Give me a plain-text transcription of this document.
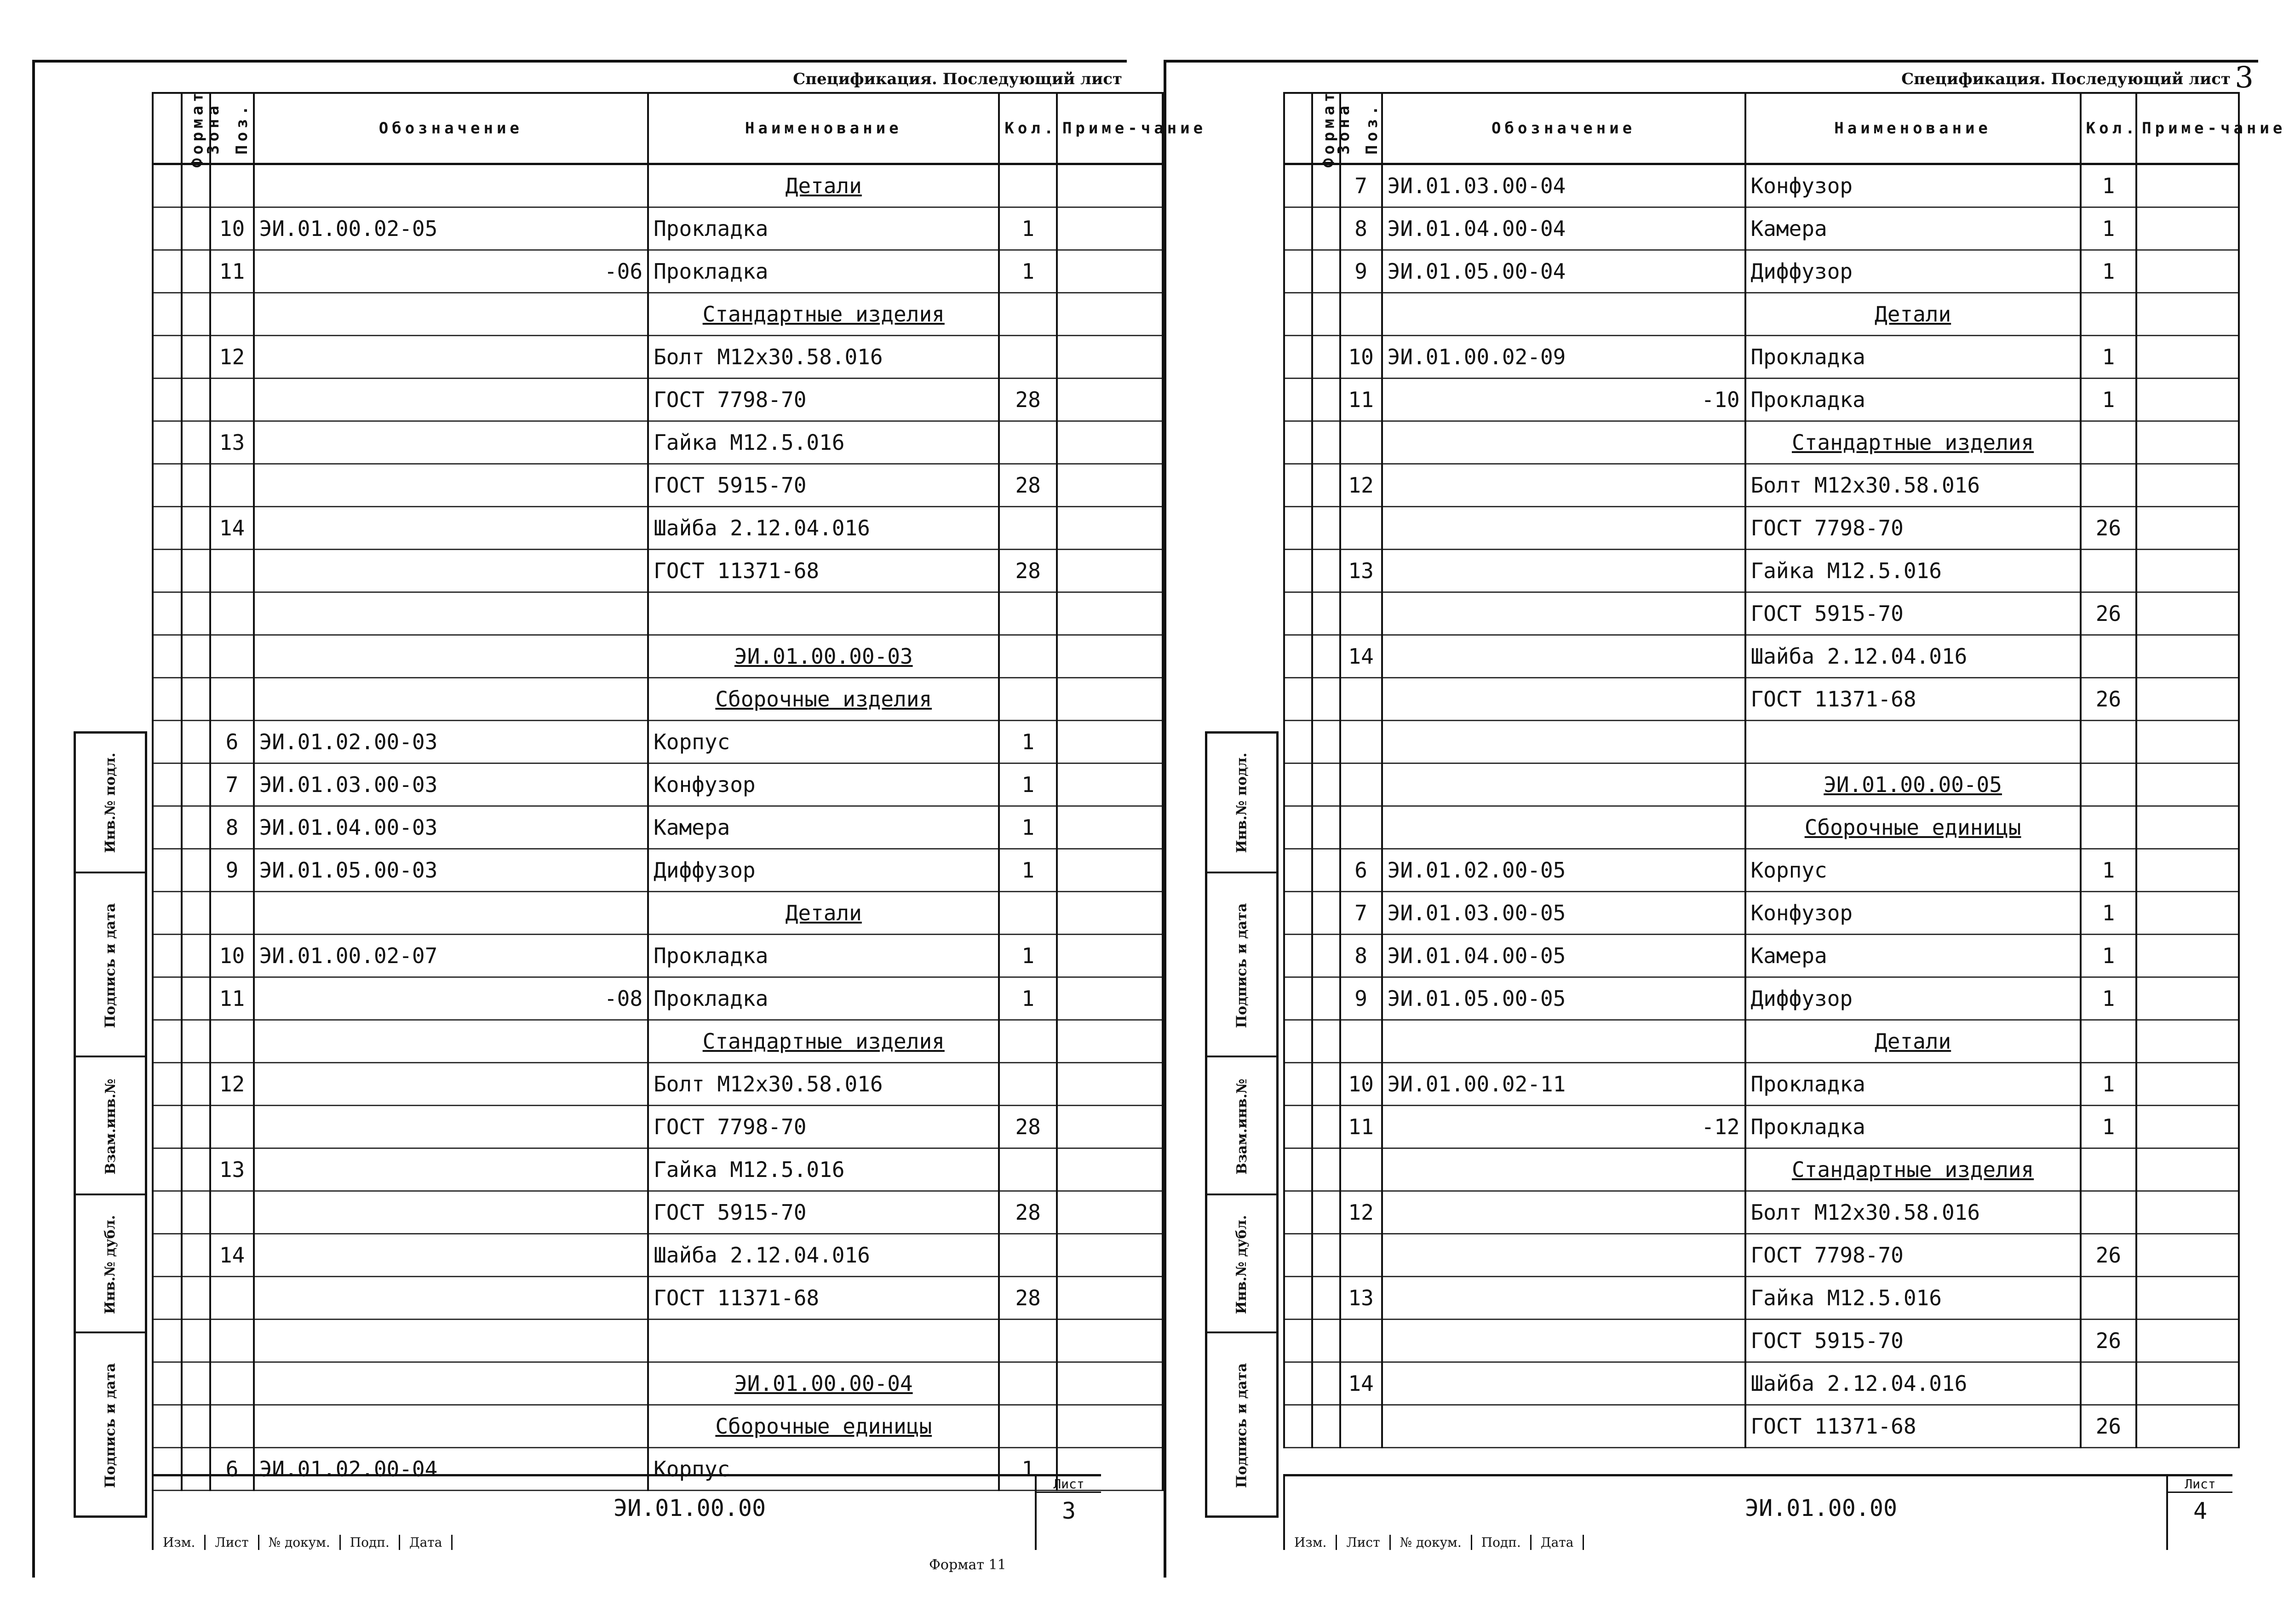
Спецификация. Последующий лист
Формат	Зона	Поз.	Обозначение	Наименование	Кол.	Приме-чание
				Детали		
		10	ЭИ.01.00.02-05	Прокладка	1	
		11	-06	Прокладка	1	
				Стандартные изделия		
		12		Болт М12х30.58.016		
				ГОСТ 7798-70	28	
		13		Гайка М12.5.016		
				ГОСТ 5915-70	28	
		14		Шайба 2.12.04.016		
				ГОСТ 11371-68	28	

				ЭИ.01.00.00-03		
				Сборочные изделия		
		6	ЭИ.01.02.00-03	Корпус	1	
		7	ЭИ.01.03.00-03	Конфузор	1	
		8	ЭИ.01.04.00-03	Камера	1	
		9	ЭИ.01.05.00-03	Диффузор	1	
				Детали		
		10	ЭИ.01.00.02-07	Прокладка	1	
		11	-08	Прокладка	1	
				Стандартные изделия		
		12		Болт М12х30.58.016		
				ГОСТ 7798-70	28	
		13		Гайка М12.5.016		
				ГОСТ 5915-70	28	
		14		Шайба 2.12.04.016		
				ГОСТ 11371-68	28	

				ЭИ.01.00.00-04		
				Сборочные единицы		
		6	ЭИ.01.02.00-04	Корпус	1	
Инв.№ подл.
Подпись и дата
Взам.инв.№
Инв.№ дубл.
Подпись и дата
Изм.	Лист	№ докум.	Подп.	Дата
ЭИ.01.00.00
Лист
3
Формат 11
Спецификация. Последующий лист 3
Формат	Зона	Поз.	Обозначение	Наименование	Кол.	Приме-чание
		7	ЭИ.01.03.00-04	Конфузор	1	
		8	ЭИ.01.04.00-04	Камера	1	
		9	ЭИ.01.05.00-04	Диффузор	1	
				Детали		
		10	ЭИ.01.00.02-09	Прокладка	1	
		11	-10	Прокладка	1	
				Стандартные изделия		
		12		Болт М12х30.58.016		
				ГОСТ 7798-70	26	
		13		Гайка М12.5.016		
				ГОСТ 5915-70	26	
		14		Шайба 2.12.04.016		
				ГОСТ 11371-68	26	

				ЭИ.01.00.00-05		
				Сборочные единицы		
		6	ЭИ.01.02.00-05	Корпус	1	
		7	ЭИ.01.03.00-05	Конфузор	1	
		8	ЭИ.01.04.00-05	Камера	1	
		9	ЭИ.01.05.00-05	Диффузор	1	
				Детали		
		10	ЭИ.01.00.02-11	Прокладка	1	
		11	-12	Прокладка	1	
				Стандартные изделия		
		12		Болт М12х30.58.016		
				ГОСТ 7798-70	26	
		13		Гайка М12.5.016		
				ГОСТ 5915-70	26	
		14		Шайба 2.12.04.016		
				ГОСТ 11371-68	26	
Инв.№ подл.
Подпись и дата
Взам.инв.№
Инв.№ дубл.
Подпись и дата
Изм.	Лист	№ докум.	Подп.	Дата
ЭИ.01.00.00
Лист
4
